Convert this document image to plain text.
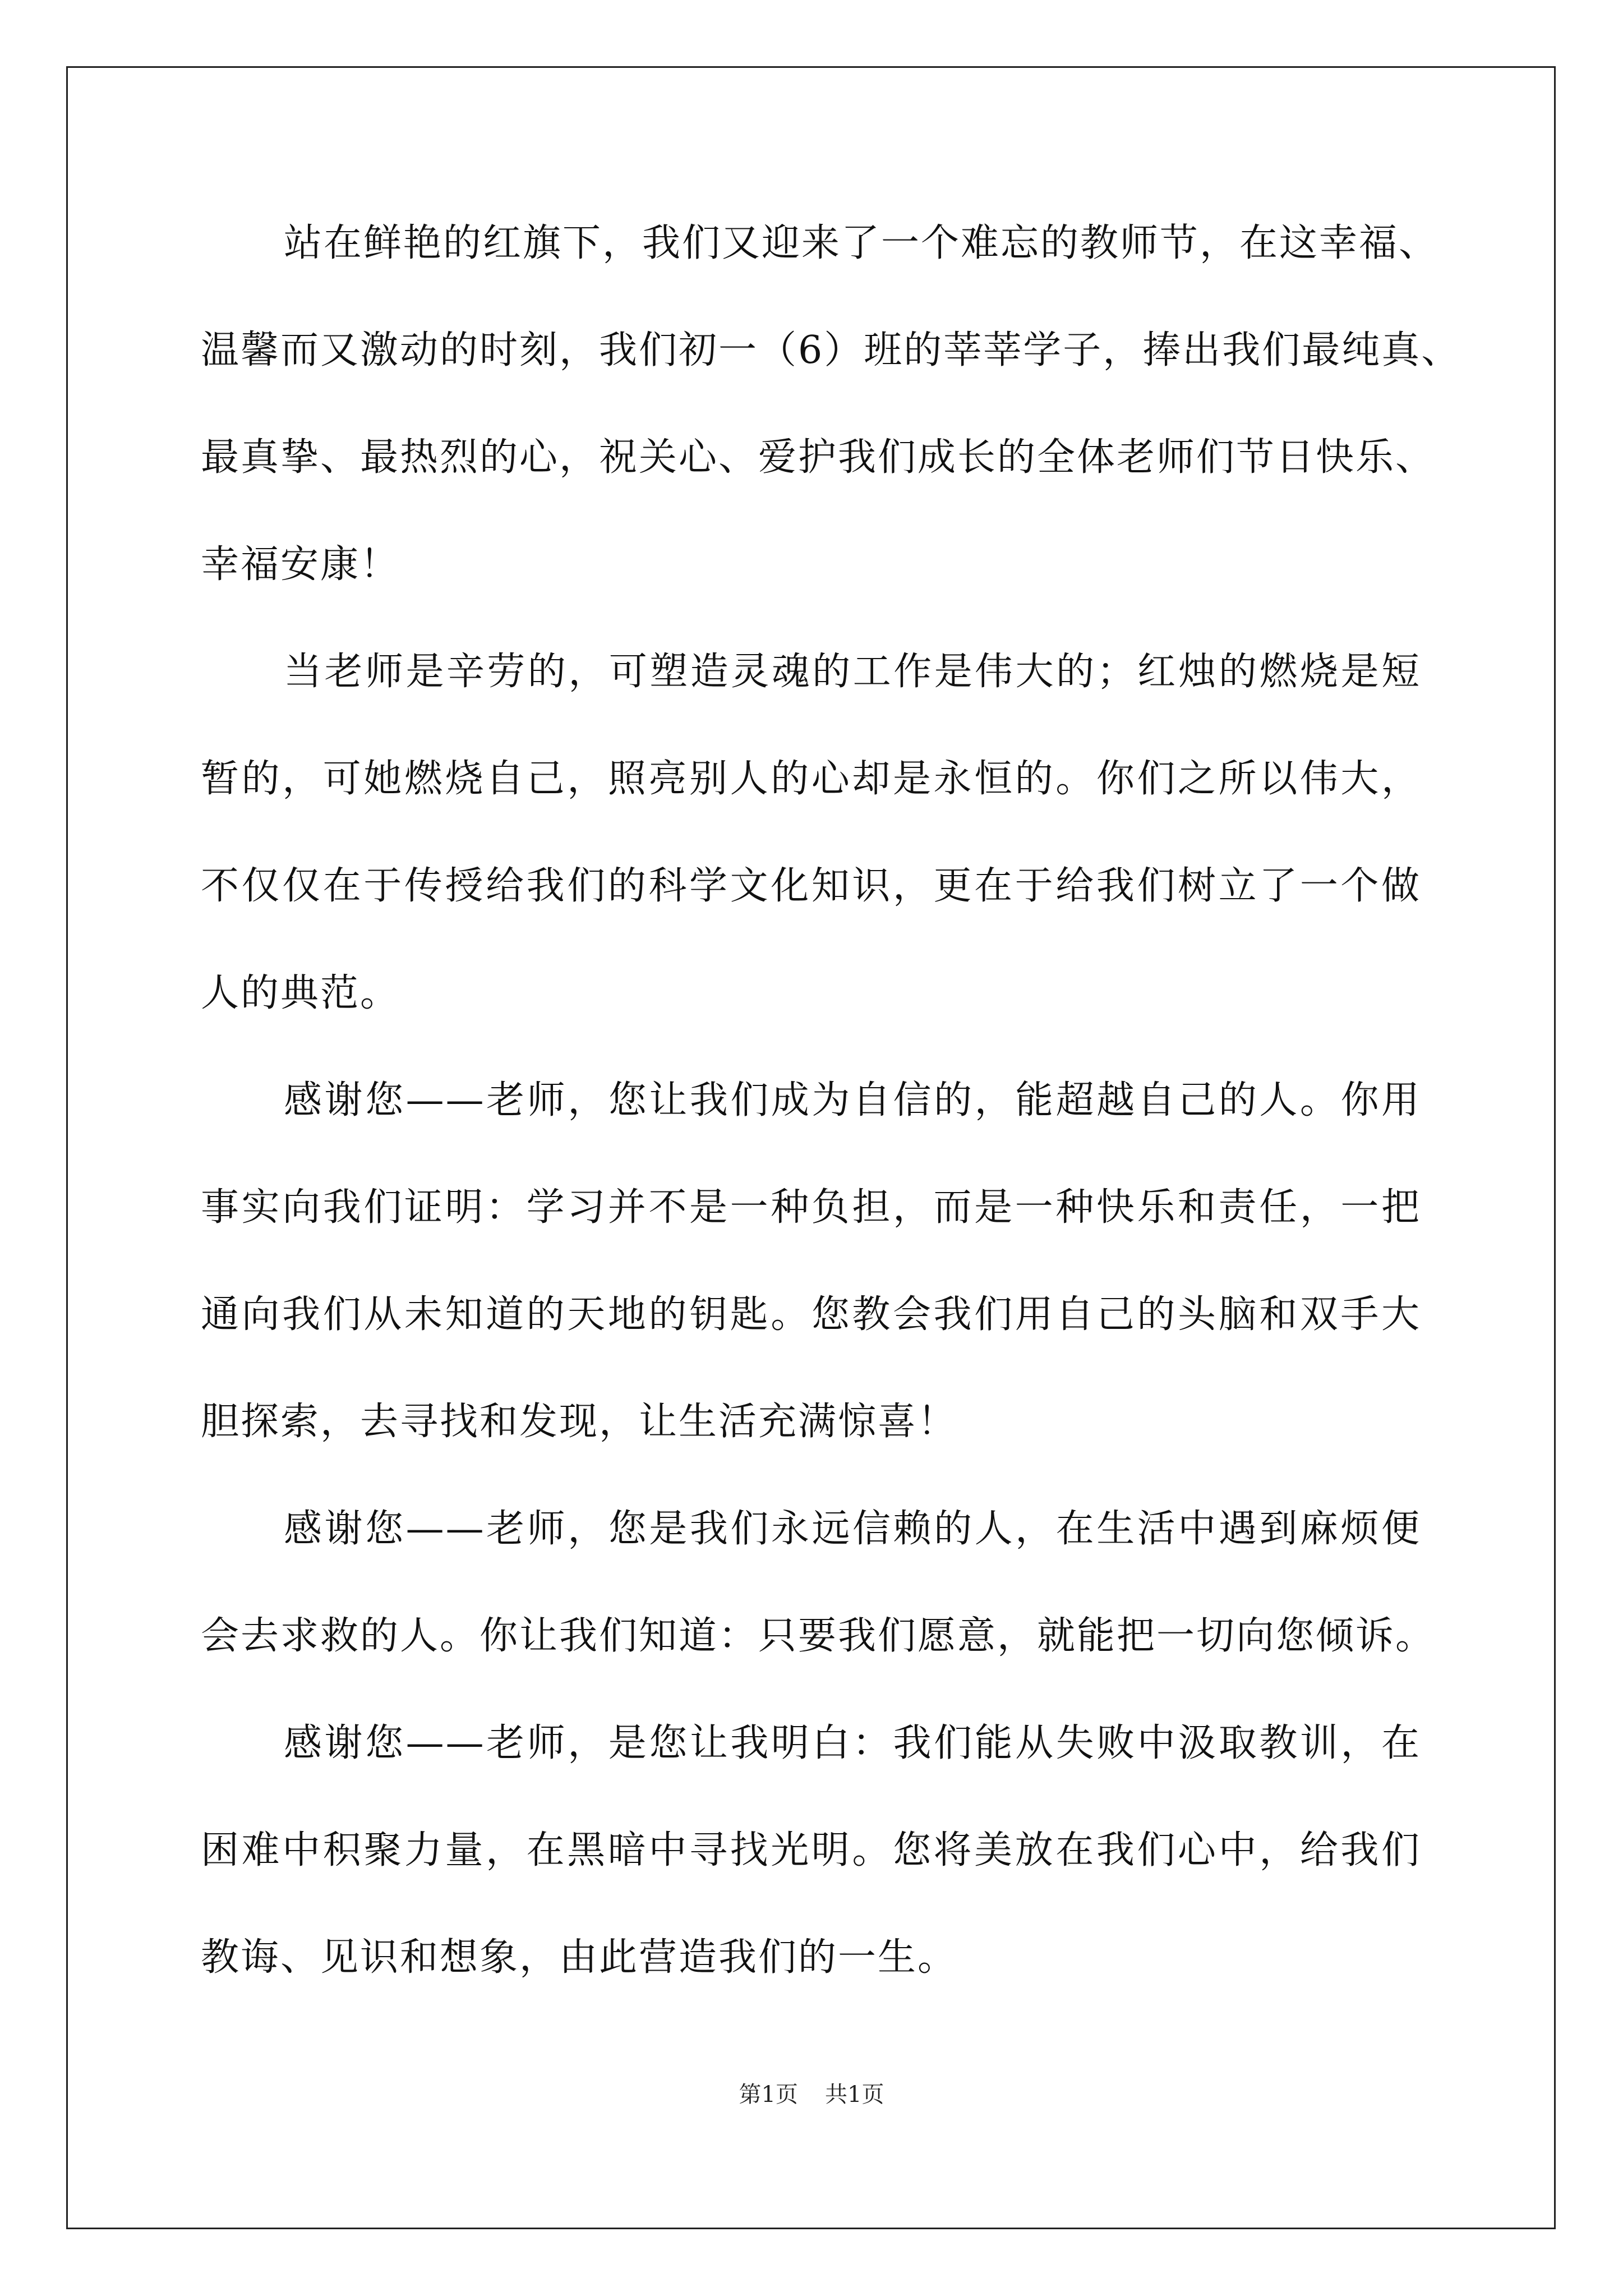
站在鲜艳的红旗下，我们又迎来了一个难忘的教师节，在这幸福、
温馨而又激动的时刻，我们初一（6）班的莘莘学子，捧出我们最纯真、
最真挚、最热烈的心，祝关心、爱护我们成长的全体老师们节日快乐、
幸福安康！
当老师是辛劳的，可塑造灵魂的工作是伟大的；红烛的燃烧是短
暂的，可她燃烧自己，照亮别人的心却是永恒的。你们之所以伟大，
不仅仅在于传授给我们的科学文化知识，更在于给我们树立了一个做
人的典范。
感谢您——老师，您让我们成为自信的，能超越自己的人。你用
事实向我们证明：学习并不是一种负担，而是一种快乐和责任，一把
通向我们从未知道的天地的钥匙。您教会我们用自己的头脑和双手大
胆探索，去寻找和发现，让生活充满惊喜！
感谢您——老师，您是我们永远信赖的人，在生活中遇到麻烦便
会去求救的人。你让我们知道：只要我们愿意，就能把一切向您倾诉。
感谢您——老师，是您让我明白：我们能从失败中汲取教训，在
困难中积聚力量，在黑暗中寻找光明。您将美放在我们心中，给我们
教诲、见识和想象，由此营造我们的一生。
第1页 共1页
